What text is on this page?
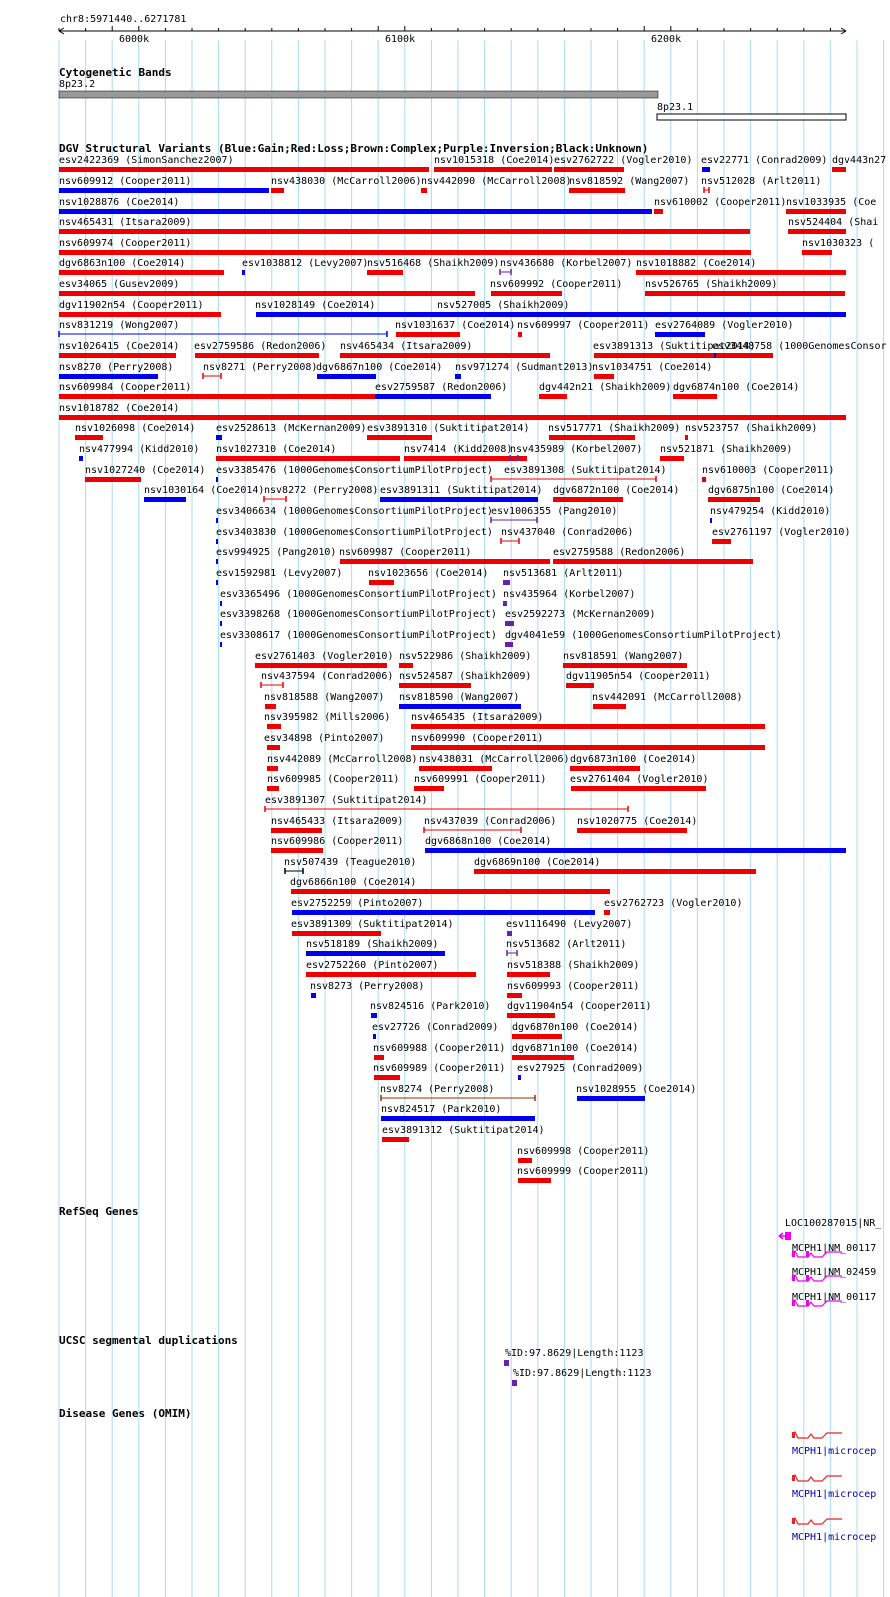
chr8:5971440..6271781
6000k	6100k	6200k
Cytogenetic Bands
8p23.2
8p23.1
DGV Structural Variants (Blue:Gain;Red:Loss;Brown:Complex;Purple:Inversion;Black:Unknown)
esv2422369 (SimonSanchez2007)	nsv1015318 (Coe2014) esv2762722 (Vogler2010) esv22771 (Conrad2009) dgv443n27
nsv609912 (Cooper2011)	nsv438030 (McCarroll2006) nsv442090 (McCarroll2008)
nsv818592 (Wang2007) nsv512028 (Arlt2011)
nsv1028876 (Coe2014)	nsv610002 (Cooper2011) nsv1033935 (Coe
nsv465431 (Itsara2009)	nsv524404 (Shai
nsv609974 (Cooper2011)	nsv1030323 (
dgv6863n100 (Coe2014)	esv1038812 (Levy2007)
nsv516468 (Shaikh2009) nsv436680 (Korbel2007) nsv1018882 (Coe2014)
esv34065 (Gusev2009)	nsv609992 (Cooper2011) nsv526765 (Shaikh2009)
dgv11902n54 (Cooper2011)	nsv1028149 (Coe2014)	nsv527005 (Shaikh2009)
nsv831219 (Wong2007)	nsv1031637 (Coe2014) nsv609997 (Cooper2011) esv2764089 (Vogler2010)
nsv1026415 (Coe2014) esv2759586 (Redon2006) nsv465434 (Itsara2009)	esv3891313 (Suktitipat2014)
esv3448758 (1000GenomesConsor
nsv8270 (Perry2008)	nsv8271 (Perry2008)
dgv6867n100 (Coe2014) nsv971274 (Sudmant2013)
nsv1034751 (Coe2014)
nsv609984 (Cooper2011)	esv2759587 (Redon2006)	dgv442n21 (Shaikh2009) dgv6874n100 (Coe2014)
nsv1018782 (Coe2014)
nsv1026098 (Coe2014) esv2528613 (McKernan2009) esv3891310 (Suktitipat2014) nsv517771 (Shaikh2009) nsv523757 (Shaikh2009)
nsv477994 (Kidd2010) nsv1027310 (Coe2014)	nsv7414 (Kidd2008)
nsv435989 (Korbel2007) nsv521871 (Shaikh2009)
nsv1027240 (Coe2014) esv3385476 (1000GenomesConsortiumPilotProject) esv3891308 (Suktitipat2014)	nsv610003 (Cooper2011)
nsv1030164 (Coe2014) nsv8272 (Perry2008) esv3891311 (Suktitipat2014) dgv6872n100 (Coe2014)	dgv6875n100 (Coe2014)
esv3406634 (1000GenomesConsortiumPilotProject)
esv1006355 (Pang2010)	nsv479254 (Kidd2010)
esv3403830 (1000GenomesConsortiumPilotProject) nsv437040 (Conrad2006)	esv2761197 (Vogler2010)
esv994925 (Pang2010) nsv609987 (Cooper2011)	esv2759588 (Redon2006)
esv1592981 (Levy2007)	nsv1023656 (Coe2014) nsv513681 (Arlt2011)
esv3365496 (1000GenomesConsortiumPilotProject) nsv435964 (Korbel2007)
esv3398268 (1000GenomesConsortiumPilotProject) esv2592273 (McKernan2009)
esv3308617 (1000GenomesConsortiumPilotProject) dgv4041e59 (1000GenomesConsortiumPilotProject)
esv2761403 (Vogler2010) nsv522986 (Shaikh2009)	nsv818591 (Wang2007)
nsv437594 (Conrad2006) nsv524587 (Shaikh2009)	dgv11905n54 (Cooper2011)
nsv818588 (Wang2007) nsv818590 (Wang2007)	nsv442091 (McCarroll2008)
nsv395982 (Mills2006) nsv465435 (Itsara2009)
esv34898 (Pinto2007)	nsv609990 (Cooper2011)
nsv442089 (McCarroll2008) nsv438031 (McCarroll2006) dgv6873n100 (Coe2014)
nsv609985 (Cooper2011) nsv609991 (Cooper2011) esv2761404 (Vogler2010)
esv3891307 (Suktitipat2014)
nsv465433 (Itsara2009) nsv437039 (Conrad2006) nsv1020775 (Coe2014)
nsv609986 (Cooper2011) dgv6868n100 (Coe2014)
nsv507439 (Teague2010)	dgv6869n100 (Coe2014)
dgv6866n100 (Coe2014)
esv2752259 (Pinto2007)	esv2762723 (Vogler2010)
esv3891309 (Suktitipat2014)	esv1116490 (Levy2007)
nsv518189 (Shaikh2009)	nsv513682 (Arlt2011)
esv2752260 (Pinto2007)	nsv518388 (Shaikh2009)
nsv8273 (Perry2008)	nsv609993 (Cooper2011)
nsv824516 (Park2010) dgv11904n54 (Cooper2011)
esv27726 (Conrad2009) dgv6870n100 (Coe2014)
nsv609988 (Cooper2011) dgv6871n100 (Coe2014)
nsv609989 (Cooper2011) esv27925 (Conrad2009)
nsv8274 (Perry2008)	nsv1028955 (Coe2014)
nsv824517 (Park2010)
esv3891312 (Suktitipat2014)
nsv609998 (Cooper2011)
nsv609999 (Cooper2011)
RefSeq Genes
LOC100287015|NR_
MCPH1|NM_00117
MCPH1|NM_02459
MCPH1|NM_00117
UCSC segmental duplications
%ID:97.8629|Length:1123
%ID:97.8629|Length:1123
Disease Genes (OMIM)
MCPH1|microcep
MCPH1|microcep
MCPH1|microcep
